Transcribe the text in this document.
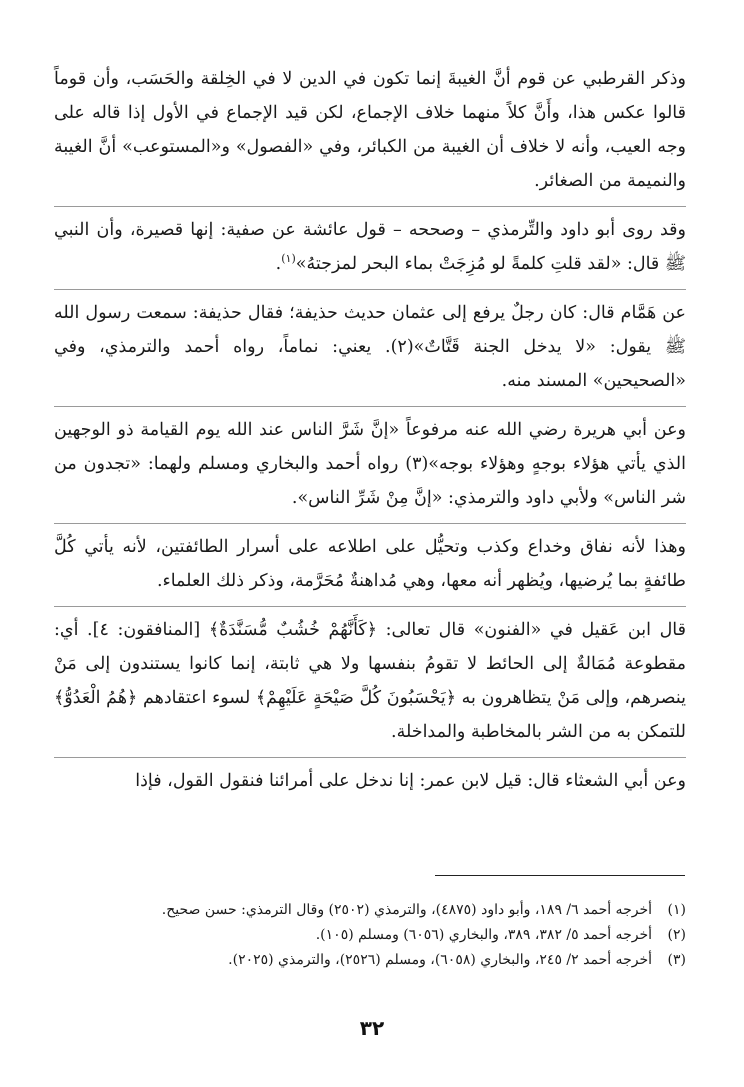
وذكر القرطبي عن قوم أنَّ الغيبةَ إنما تكون في الدين لا في الخِلقة والحَسَب، وأن قوماً قالوا عكس هذا، وأَنَّ كلاً منهما خلاف الإجماع، لكن قيد الإجماع في الأول إذا قاله على وجه العيب، وأنه لا خلاف أن الغيبة من الكبائر، وفي «الفصول» و«المستوعب» أنَّ الغيبة والنميمة من الصغائر.

وقد روى أبو داود والتِّرمذي – وصححه – قول عائشة عن صفية: إنها قصيرة، وأن النبي ﷺ قال: «لقد قلتِ كلمةً لو مُزِجَتْ بماء البحر لمزجتهُ»$^{(١)}$.

عن هَمَّام قال: كان رجلٌ يرفع إلى عثمان حديث حذيفة؛ فقال حذيفة: سمعت رسول الله ﷺ يقول: «لا يدخل الجنة قَتَّاتٌ»(٢). يعني: نماماً، رواه أحمد والترمذي، وفي «الصحيحين» المسند منه.

وعن أبي هريرة رضي الله عنه مرفوعاً «إنَّ شَرَّ الناس عند الله يوم القيامة ذو الوجهين الذي يأتي هؤلاء بوجهٍ وهؤلاء بوجه»(٣) رواه أحمد والبخاري ومسلم ولهما: «تجدون من شر الناس» ولأبي داود والترمذي: «إنَّ مِنْ شَرِّ الناس».

وهذا لأنه نفاق وخداع وكذب وتحيُّل على اطلاعه على أسرار الطائفتين، لأنه يأتي كُلَّ طائفةٍ بما يُرضيها، ويُظهر أنه معها، وهي مُداهنةٌ مُحَرَّمة، وذكر ذلك العلماء.

قال ابن عَقيل في «الفنون» قال تعالى: ﴿كَأَنَّهُمْ خُشُبٌ مُّسَنَّدَةٌ﴾ [المنافقون: ٤]. أي: مقطوعة مُمَالةٌ إلى الحائط لا تقومُ بنفسها ولا هي ثابتة، إنما كانوا يستندون إلى مَنْ ينصرهم، وإلى مَنْ يتظاهرون به ﴿يَحْسَبُونَ كُلَّ صَيْحَةٍ عَلَيْهِمْ﴾ لسوء اعتقادهم ﴿هُمُ الْعَدُوُّ﴾ للتمكن به من الشر بالمخاطبة والمداخلة.

وعن أبي الشعثاء قال: قيل لابن عمر: إنا ندخل على أمرائنا فنقول القول، فإذا

(١)
أخرجه أحمد ٦/ ١٨٩، وأبو داود (٤٨٧٥)، والترمذي (٢٥٠٢) وقال الترمذي: حسن صحيح.
(٢)
أخرجه أحمد ٥/ ٣٨٢، ٣٨٩، والبخاري (٦٠٥٦) ومسلم (١٠٥).
(٣)
أخرجه أحمد ٢/ ٢٤٥، والبخاري (٦٠٥٨)، ومسلم (٢٥٢٦)، والترمذي (٢٠٢٥).
٣٢
